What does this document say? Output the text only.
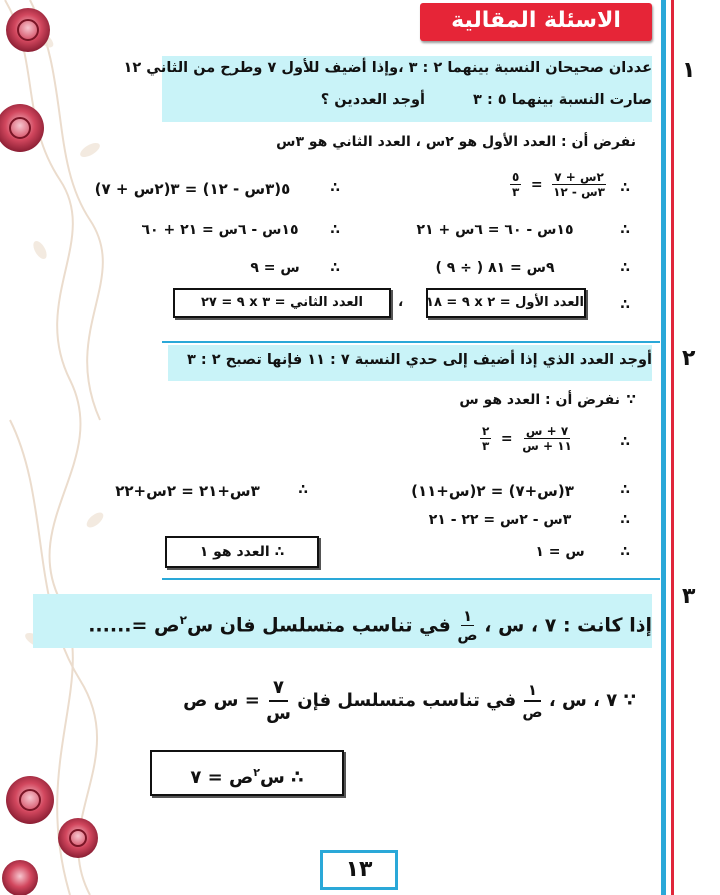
الاسئلة المقالية
١
عددان صحيحان النسبة بينهما ٢ : ٣ ،وإذا أضيف للأول ٧ وطرح من الثاني ١٢
صارت النسبة بينهما ٥ : ٣
أوجد العددين ؟
نفرض أن : العدد الأول هو ٢س ، العدد الثاني هو ٣س
∴
$\frac{٥}{٣} = \frac{\text{٢س + ٧}}{\text{٣س - ١٢}}$
∴
٥(٣س - ١٢) = ٣(٢س + ٧)
∴
١٥س - ٦٠ = ٦س + ٢١
∴
١٥س - ٦س = ٢١ + ٦٠
∴
٩س = ٨١ ( ÷ ٩ )
∴
س = ٩
∴
العدد الأول = ٢ x ٩ = ١٨
،
العدد الثاني = ٣ x ٩ = ٢٧
٢
أوجد العدد الذي إذا أضيف إلى حدي النسبة ٧ : ١١ فإنها تصبح ٢ : ٣
∵
نفرض أن : العدد هو س
∴
$\frac{٢}{٣} = \frac{\text{٧ + س}}{\text{١١ + س}}$
∴
٣(س+٧) = ٢(س+١١)
∴
٣س+٢١ = ٢س+٢٢
∴
٣س - ٢س = ٢٢ - ٢١
∴
س = ١
∴ العدد هو ١
٣
إذا كانت : ٧ ، س ،
$\frac{١}{\text{ص}}$
في تناسب متسلسل فان س$^٢$ص =......
∵ ٧ ، س ،
١
ص
في تناسب متسلسل فإن
٧
س
= س ص
∴ س$^٢$ص = ٧
١٣
